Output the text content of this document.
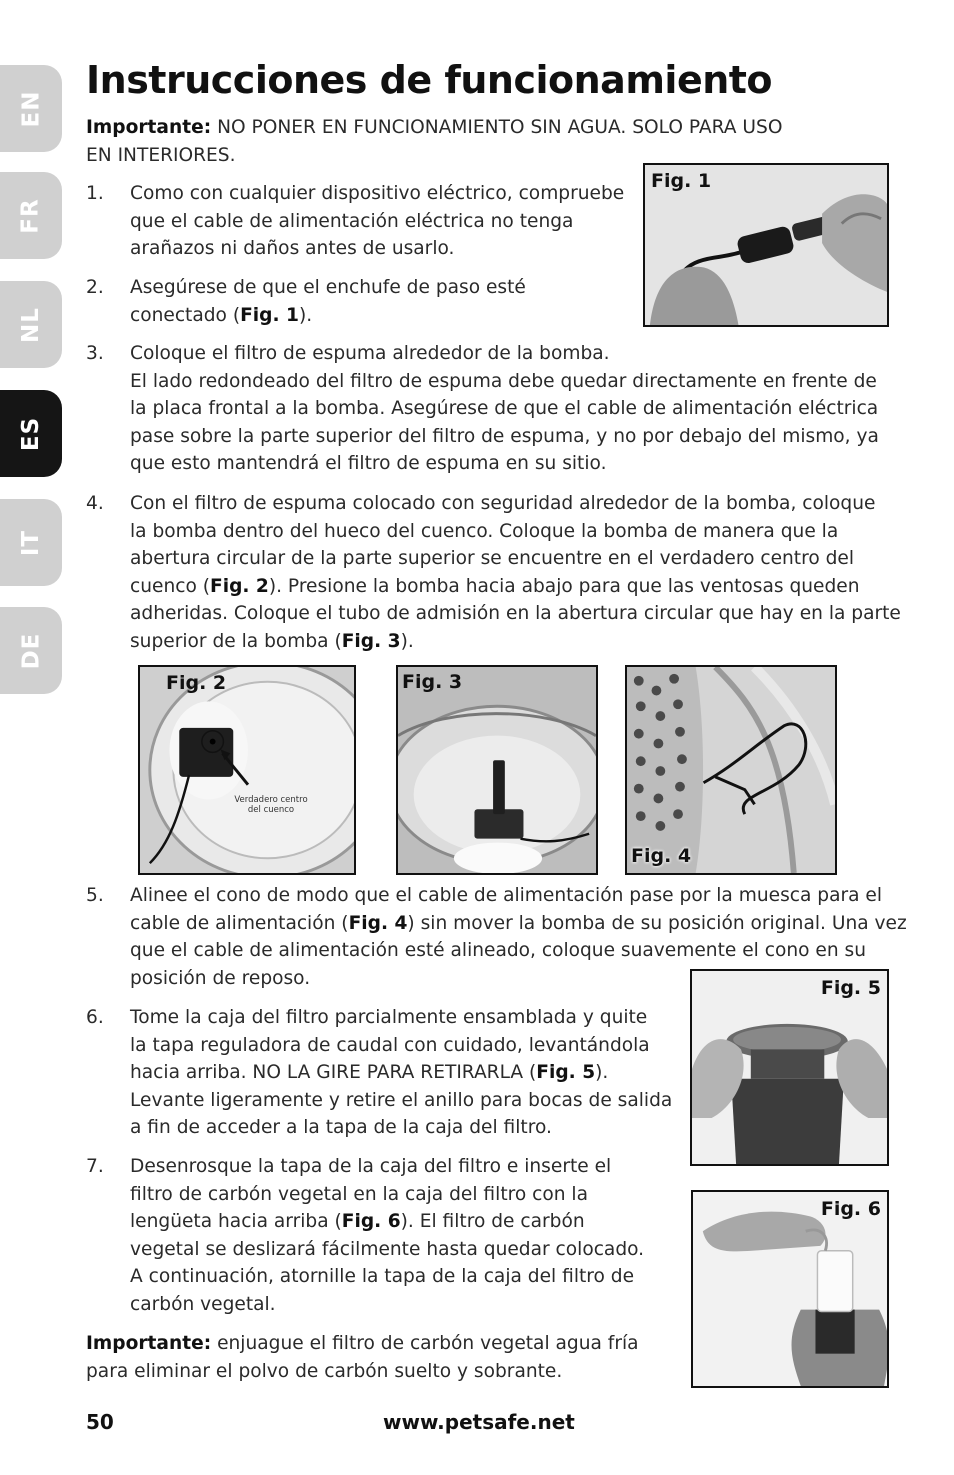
EN
FR
NL
ES
IT
DE
Instrucciones de funcionamiento
Importante: NO PONER EN FUNCIONAMIENTO SIN AGUA. SOLO PARA USO
EN INTERIORES.
1. Como con cualquier dispositivo eléctrico, compruebe
que el cable de alimentación eléctrica no tenga
arañazos ni daños antes de usarlo.
2. Asegúrese de que el enchufe de paso esté
conectado (Fig. 1).
3. Coloque el filtro de espuma alrededor de la bomba.
El lado redondeado del filtro de espuma debe quedar directamente en frente de
la placa frontal a la bomba. Asegúrese de que el cable de alimentación eléctrica
pase sobre la parte superior del filtro de espuma, y no por debajo del mismo, ya
que esto mantendrá el filtro de espuma en su sitio.
4. Con el filtro de espuma colocado con seguridad alrededor de la bomba, coloque
la bomba dentro del hueco del cuenco. Coloque la bomba de manera que la
abertura circular de la parte superior se encuentre en el verdadero centro del
cuenco (Fig. 2). Presione la bomba hacia abajo para que las ventosas queden
adheridas. Coloque el tubo de admisión en la abertura circular que hay en la parte
superior de la bomba (Fig. 3).
5. Alinee el cono de modo que el cable de alimentación pase por la muesca para el
cable de alimentación (Fig. 4) sin mover la bomba de su posición original. Una vez
que el cable de alimentación esté alineado, coloque suavemente el cono en su
posición de reposo.
6. Tome la caja del filtro parcialmente ensamblada y quite
la tapa reguladora de caudal con cuidado, levantándola
hacia arriba. NO LA GIRE PARA RETIRARLA (Fig. 5).
Levante ligeramente y retire el anillo para bocas de salida
a fin de acceder a la tapa de la caja del filtro.
7. Desenrosque la tapa de la caja del filtro e inserte el
filtro de carbón vegetal en la caja del filtro con la
lengüeta hacia arriba (Fig. 6). El filtro de carbón
vegetal se deslizará fácilmente hasta quedar colocado.
A continuación, atornille la tapa de la caja del filtro de
carbón vegetal.
Importante: enjuague el filtro de carbón vegetal agua fría
para eliminar el polvo de carbón suelto y sobrante.
Fig. 1
Fig. 2
Verdadero centro
del cuenco
Fig. 3
Fig. 4
Fig. 5
Fig. 6
50	www.petsafe.net
